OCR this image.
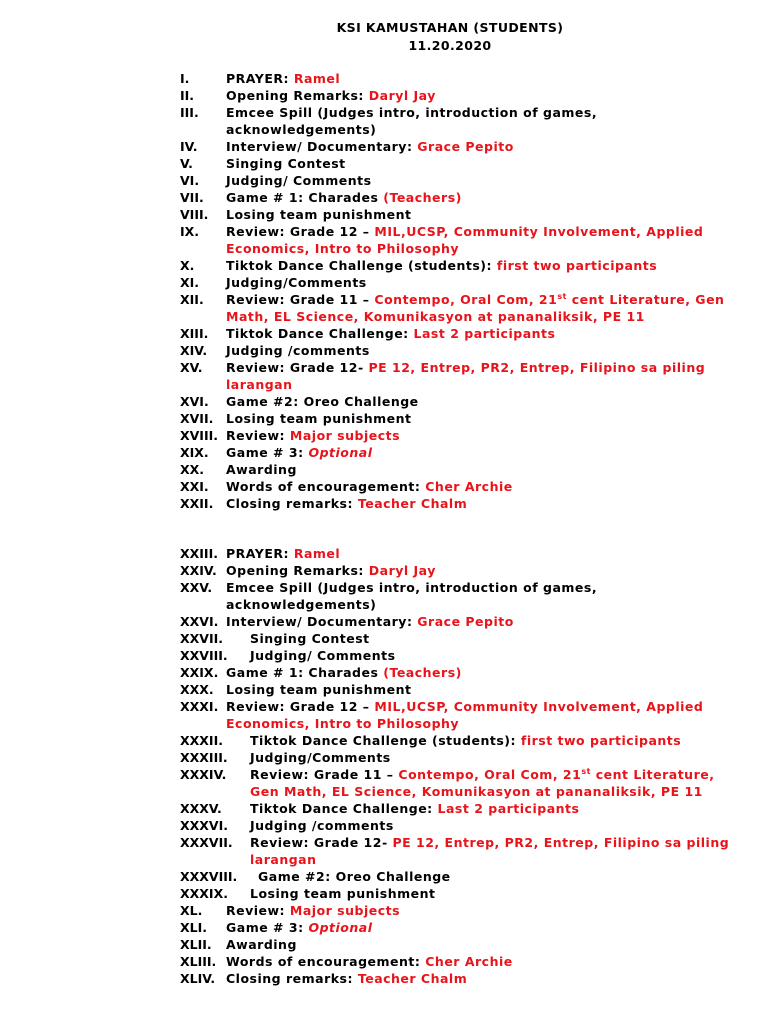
KSI KAMUSTAHAN (STUDENTS)
11.20.2020
I.	PRAYER: Ramel
II.	Opening Remarks: Daryl Jay
III. Emcee Spill (Judges intro, introduction of games, acknowledgements)
IV. Interview/ Documentary: Grace Pepito
V.	Singing Contest
VI. Judging/ Comments
VII. Game # 1: Charades (Teachers)
VIII. Losing team punishment
IX. Review: Grade 12 – MIL,UCSP, Community Involvement, Applied Economics, Intro to Philosophy
X.	Tiktok Dance Challenge (students): first two participants
XI. Judging/Comments
XII. Review: Grade 11 – Contempo, Oral Com, 21st cent Literature, Gen Math, EL Science, Komunikasyon at pananaliksik, PE 11
XIII. Tiktok Dance Challenge: Last 2 participants
XIV. Judging /comments
XV. Review: Grade 12- PE 12, Entrep, PR2, Entrep, Filipino sa piling larangan
XVI. Game #2: Oreo Challenge
XVII. Losing team punishment
XVIII. Review: Major subjects
XIX. Game # 3: Optional
XX. Awarding
XXI. Words of encouragement: Cher Archie
XXII. Closing remarks: Teacher Chalm
XXIII. PRAYER: Ramel
XXIV. Opening Remarks: Daryl Jay
XXV. Emcee Spill (Judges intro, introduction of games, acknowledgements)
XXVI. Interview/ Documentary: Grace Pepito
XXVII. Singing Contest
XXVIII. Judging/ Comments
XXIX. Game # 1: Charades (Teachers)
XXX. Losing team punishment
XXXI. Review: Grade 12 – MIL,UCSP, Community Involvement, Applied Economics, Intro to Philosophy
XXXII. Tiktok Dance Challenge (students): first two participants
XXXIII. Judging/Comments
XXXIV. Review: Grade 11 – Contempo, Oral Com, 21st cent Literature, Gen Math, EL Science, Komunikasyon at pananaliksik, PE 11
XXXV. Tiktok Dance Challenge: Last 2 participants
XXXVI. Judging /comments
XXXVII. Review: Grade 12- PE 12, Entrep, PR2, Entrep, Filipino sa piling larangan
XXXVIII. Game #2: Oreo Challenge
XXXIX. Losing team punishment
XL. Review: Major subjects
XLI. Game # 3: Optional
XLII. Awarding
XLIII. Words of encouragement: Cher Archie
XLIV. Closing remarks: Teacher Chalm
